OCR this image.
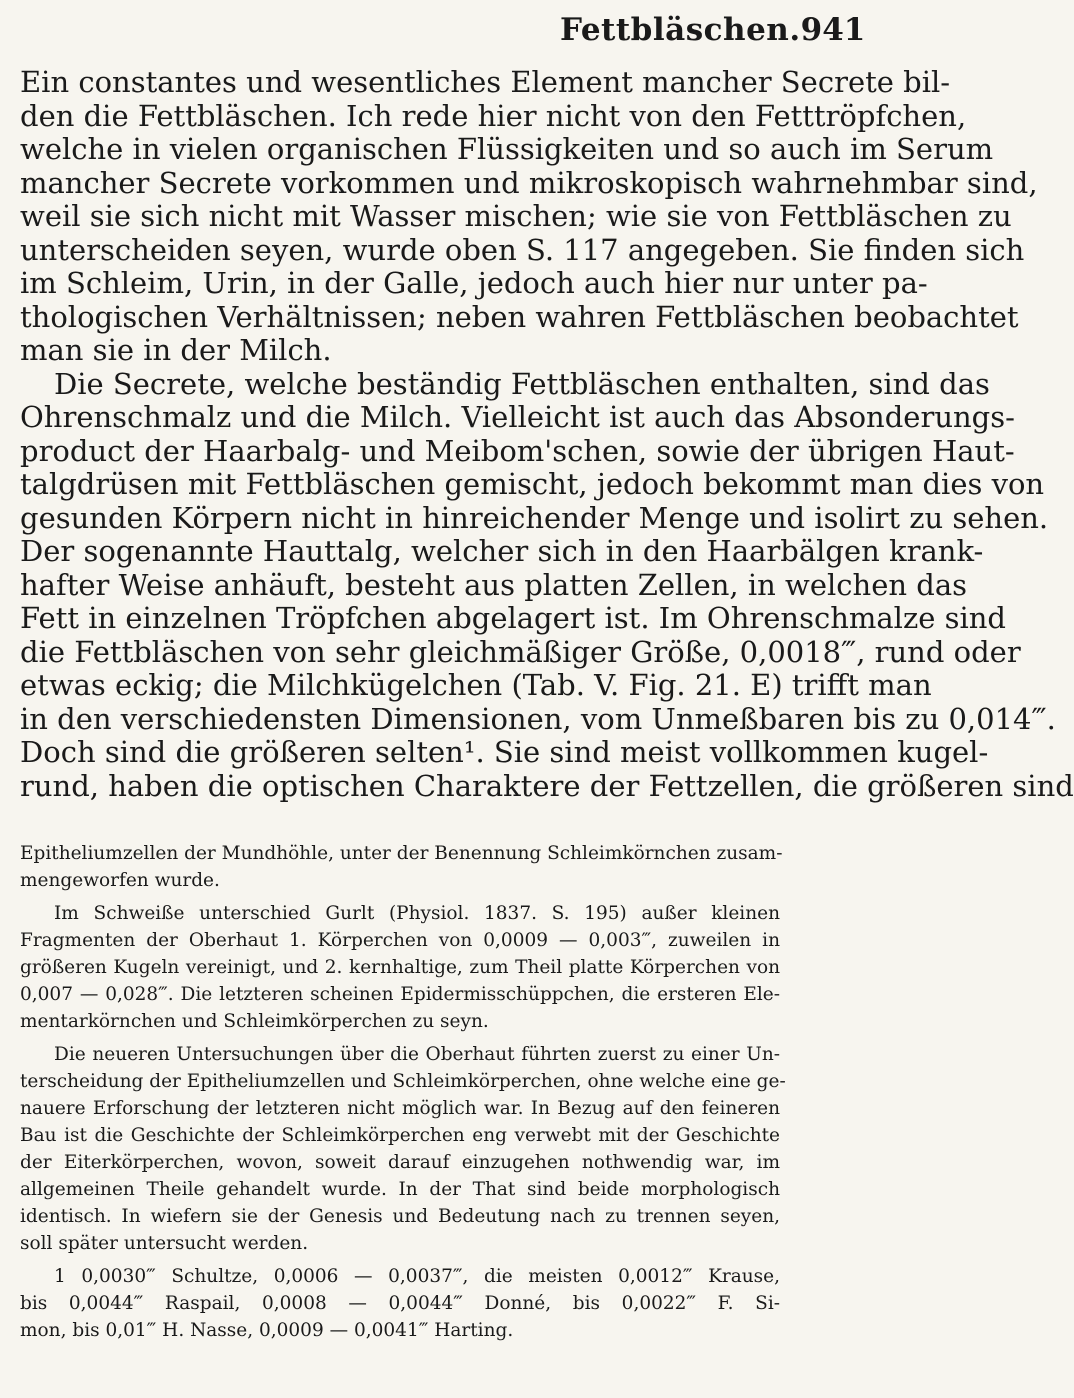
Fettbläschen. 941
Ein constantes und wesentliches Element mancher Secrete bil-
den die Fettbläschen. Ich rede hier nicht von den Fetttröpfchen,
welche in vielen organischen Flüssigkeiten und so auch im Serum
mancher Secrete vorkommen und mikroskopisch wahrnehmbar sind,
weil sie sich nicht mit Wasser mischen; wie sie von Fettbläschen zu
unterscheiden seyen, wurde oben S. 117 angegeben. Sie finden sich
im Schleim, Urin, in der Galle, jedoch auch hier nur unter pa-
thologischen Verhältnissen; neben wahren Fettbläschen beobachtet
man sie in der Milch.
Die Secrete, welche beständig Fettbläschen enthalten, sind das
Ohrenschmalz und die Milch. Vielleicht ist auch das Absonderungs-
product der Haarbalg- und Meibom'schen, sowie der übrigen Haut-
talgdrüsen mit Fettbläschen gemischt, jedoch bekommt man dies von
gesunden Körpern nicht in hinreichender Menge und isolirt zu sehen.
Der sogenannte Hauttalg, welcher sich in den Haarbälgen krank-
hafter Weise anhäuft, besteht aus platten Zellen, in welchen das
Fett in einzelnen Tröpfchen abgelagert ist. Im Ohrenschmalze sind
die Fettbläschen von sehr gleichmäßiger Größe, 0,0018‴, rund oder
etwas eckig; die Milchkügelchen (Tab. V. Fig. 21. E) trifft man
in den verschiedensten Dimensionen, vom Unmeßbaren bis zu 0,014‴.
Doch sind die größeren selten¹. Sie sind meist vollkommen kugel-
rund, haben die optischen Charaktere der Fettzellen, die größeren sind
Epitheliumzellen der Mundhöhle, unter der Benennung Schleimkörnchen zusam-
mengeworfen wurde.
Im Schweiße unterschied Gurlt (Physiol. 1837. S. 195) außer kleinen
Fragmenten der Oberhaut 1. Körperchen von 0,0009 — 0,003‴, zuweilen in
größeren Kugeln vereinigt, und 2. kernhaltige, zum Theil platte Körperchen von
0,007 — 0,028‴. Die letzteren scheinen Epidermisschüppchen, die ersteren Ele-
mentarkörnchen und Schleimkörperchen zu seyn.
Die neueren Untersuchungen über die Oberhaut führten zuerst zu einer Un-
terscheidung der Epitheliumzellen und Schleimkörperchen, ohne welche eine ge-
nauere Erforschung der letzteren nicht möglich war. In Bezug auf den feineren
Bau ist die Geschichte der Schleimkörperchen eng verwebt mit der Geschichte
der Eiterkörperchen, wovon, soweit darauf einzugehen nothwendig war, im
allgemeinen Theile gehandelt wurde. In der That sind beide morphologisch
identisch. In wiefern sie der Genesis und Bedeutung nach zu trennen seyen,
soll später untersucht werden.
1 0,0030‴ Schultze, 0,0006 — 0,0037‴, die meisten 0,0012‴ Krause,
bis 0,0044‴ Raspail, 0,0008 — 0,0044‴ Donné, bis 0,0022‴ F. Si-
mon, bis 0,01‴ H. Nasse, 0,0009 — 0,0041‴ Harting.
